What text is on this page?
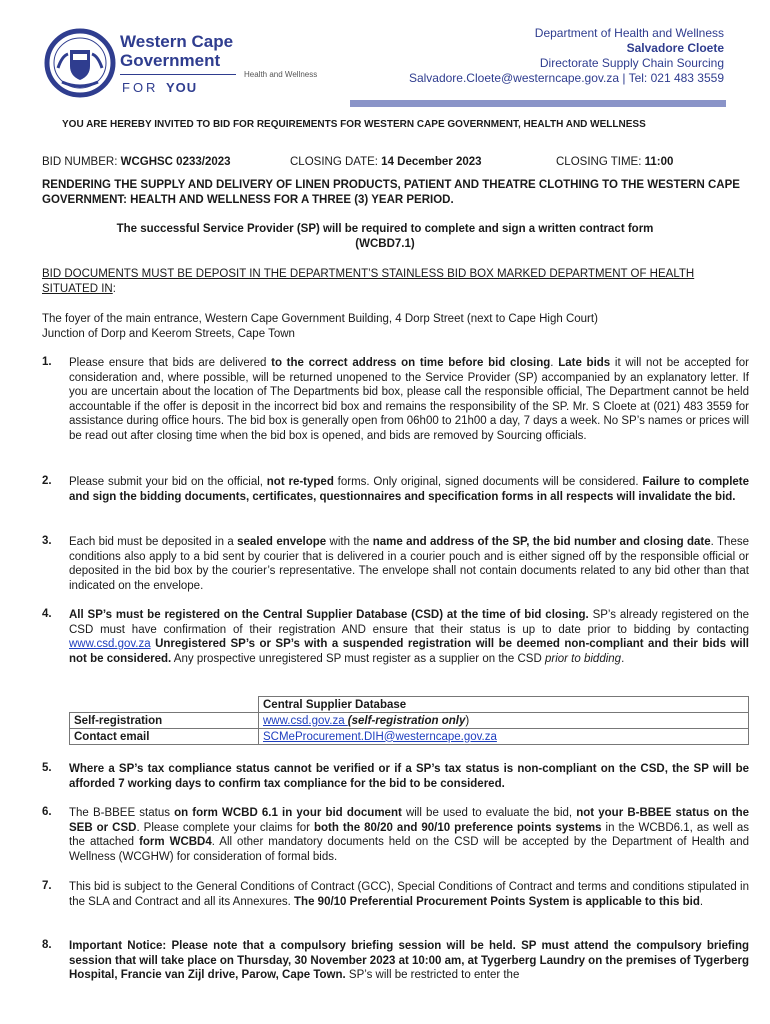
Western Cape
Government
Health and Wellness
FOR YOU
Department of Health and Wellness
Salvadore Cloete
Directorate Supply Chain Sourcing
Salvadore.Cloete@westerncape.gov.za | Tel: 021 483 3559
YOU ARE HEREBY INVITED TO BID FOR REQUIREMENTS FOR WESTERN CAPE GOVERNMENT, HEALTH AND WELLNESS
BID NUMBER: WCGHSC 0233/2023	CLOSING DATE: 14 December 2023	CLOSING TIME: 11:00
RENDERING THE SUPPLY AND DELIVERY OF LINEN PRODUCTS, PATIENT AND THEATRE CLOTHING TO THE WESTERN CAPE GOVERNMENT: HEALTH AND WELLNESS FOR A THREE (3) YEAR PERIOD.
The successful Service Provider (SP) will be required to complete and sign a written contract form
(WCBD7.1)
BID DOCUMENTS MUST BE DEPOSIT IN THE DEPARTMENT’S STAINLESS BID BOX MARKED DEPARTMENT OF HEALTH
SITUATED IN:
The foyer of the main entrance, Western Cape Government Building, 4 Dorp Street (next to Cape High Court)
Junction of Dorp and Keerom Streets, Cape Town
1. Please ensure that bids are delivered to the correct address on time before bid closing. Late bids it will not be accepted for consideration and, where possible, will be returned unopened to the Service Provider (SP) accompanied by an explanatory letter. If you are uncertain about the location of The Departments bid box, please call the responsible official, The Department cannot be held accountable if the offer is deposit in the incorrect bid box and remains the responsibility of the SP. Mr. S Cloete at (021) 483 3559 for assistance during office hours. The bid box is generally open from 06h00 to 21h00 a day, 7 days a week. No SP’s names or prices will be read out after closing time when the bid box is opened, and bids are removed by Sourcing officials.
2. Please submit your bid on the official, not re-typed forms. Only original, signed documents will be considered. Failure to complete and sign the bidding documents, certificates, questionnaires and specification forms in all respects will invalidate the bid.
3. Each bid must be deposited in a sealed envelope with the name and address of the SP, the bid number and closing date. These conditions also apply to a bid sent by courier that is delivered in a courier pouch and is either signed off by the responsible official or deposited in the bid box by the courier’s representative. The envelope shall not contain documents related to any bid other than that indicated on the envelope.
4. All SP’s must be registered on the Central Supplier Database (CSD) at the time of bid closing. SP’s already registered on the CSD must have confirmation of their registration AND ensure that their status is up to date prior to bidding by contacting www.csd.gov.za Unregistered SP’s or SP’s with a suspended registration will be deemed non-compliant and their bids will not be considered. Any prospective unregistered SP must register as a supplier on the CSD prior to bidding.
	Central Supplier Database
Self-registration	www.csd.gov.za (self-registration only)
Contact email	SCMeProcurement.DIH@westerncape.gov.za
5. Where a SP’s tax compliance status cannot be verified or if a SP’s tax status is non-compliant on the CSD, the SP will be afforded 7 working days to confirm tax compliance for the bid to be considered.
6. The B-BBEE status on form WCBD 6.1 in your bid document will be used to evaluate the bid, not your B-BBEE status on the SEB or CSD. Please complete your claims for both the 80/20 and 90/10 preference points systems in the WCBD6.1, as well as the attached form WCBD4. All other mandatory documents held on the CSD will be accepted by the Department of Health and Wellness (WCGHW) for consideration of formal bids.
7. This bid is subject to the General Conditions of Contract (GCC), Special Conditions of Contract and terms and conditions stipulated in the SLA and Contract and all its Annexures. The 90/10 Preferential Procurement Points System is applicable to this bid.
8. Important Notice: Please note that a compulsory briefing session will be held. SP must attend the compulsory briefing session that will take place on Thursday, 30 November 2023 at 10:00 am, at Tygerberg Laundry on the premises of Tygerberg Hospital, Francie van Zijl drive, Parow, Cape Town. SP’s will be restricted to enter the
